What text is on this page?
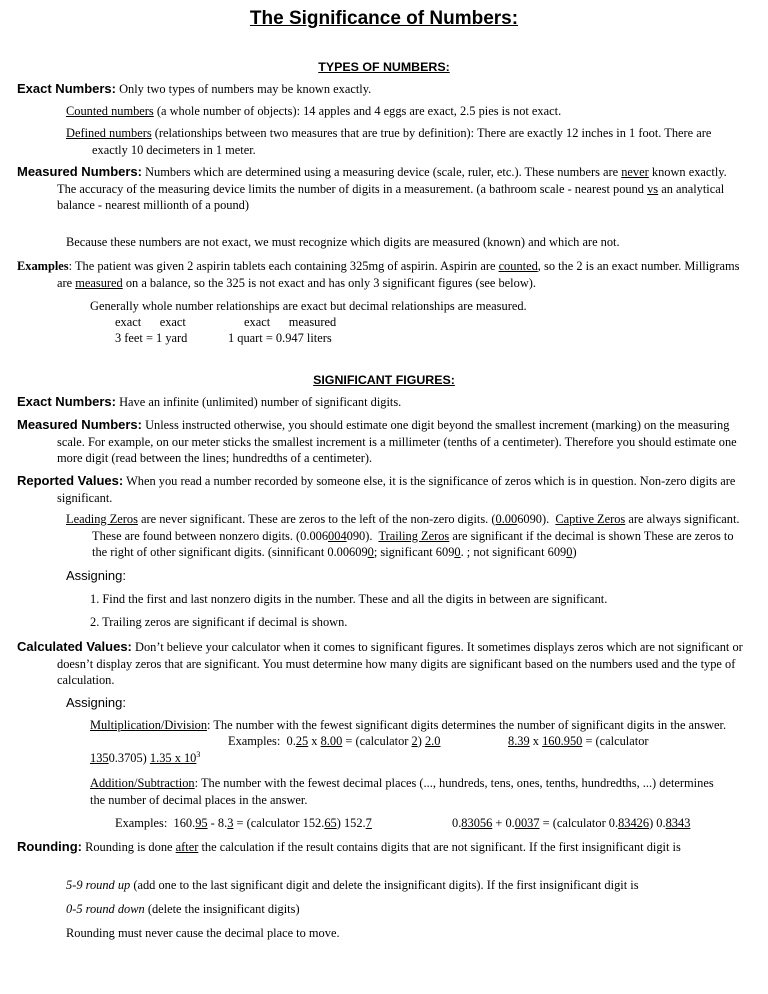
The Significance of Numbers:
TYPES OF NUMBERS:
Exact Numbers: Only two types of numbers may be known exactly.
Counted numbers (a whole number of objects): 14 apples and 4 eggs are exact, 2.5 pies is not exact.
Defined numbers (relationships between two measures that are true by definition): There are exactly 12 inches in 1 foot. There are exactly 10 decimeters in 1 meter.
Measured Numbers: Numbers which are determined using a measuring device (scale, ruler, etc.). These numbers are never known exactly. The accuracy of the measuring device limits the number of digits in a measurement. (a bathroom scale - nearest pound vs an analytical balance - nearest millionth of a pound)
Because these numbers are not exact, we must recognize which digits are measured (known) and which are not.
Examples: The patient was given 2 aspirin tablets each containing 325mg of aspirin. Aspirin are counted, so the 2 is an exact number. Milligrams are measured on a balance, so the 325 is not exact and has only 3 significant figures (see below).
Generally whole number relationships are exact but decimal relationships are measured.
exact      exact	exact      measured
3 feet = 1 yard	1 quart = 0.947 liters
SIGNIFICANT FIGURES:
Exact Numbers: Have an infinite (unlimited) number of significant digits.
Measured Numbers: Unless instructed otherwise, you should estimate one digit beyond the smallest increment (marking) on the measuring scale. For example, on our meter sticks the smallest increment is a millimeter (tenths of a centimeter). Therefore you should estimate one more digit (read between the lines; hundredths of a centimeter).
Reported Values: When you read a number recorded by someone else, it is the significance of zeros which is in question. Non-zero digits are significant.
Leading Zeros are never significant. These are zeros to the left of the non-zero digits. (0.006090). Captive Zeros are always significant. These are found between nonzero digits. (0.006004090). Trailing Zeros are significant if the decimal is shown These are zeros to the right of other significant digits. (sinnificant 0.006090; significant 6090. ; not significant 6090)
Assigning:
1. Find the first and last nonzero digits in the number. These and all the digits in between are significant.
2. Trailing zeros are significant if decimal is shown.
Calculated Values: Don’t believe your calculator when it comes to significant figures. It sometimes displays zeros which are not significant or doesn’t display zeros that are significant. You must determine how many digits are significant based on the numbers used and the type of calculation.
Assigning:
Multiplication/Division: The number with the fewest significant digits determines the number of significant digits in the answer.
Examples: 0.25 x 8.00 = (calculator 2) 2.0	8.39 x 160.950 = (calculator
1350.3705) 1.35 x $10^3$
Addition/Subtraction: The number with the fewest decimal places (..., hundreds, tens, ones, tenths, hundredths, ...) determines the number of decimal places in the answer.
Examples:  160.95 - 8.3 = (calculator 152.65) 152.7	0.83056 + 0.0037 = (calculator 0.83426) 0.8343
Rounding: Rounding is done after the calculation if the result contains digits that are not significant. If the first insignificant digit is
5-9 round up (add one to the last significant digit and delete the insignificant digits). If the first insignificant digit is
0-5 round down (delete the insignificant digits)
Rounding must never cause the decimal place to move.
